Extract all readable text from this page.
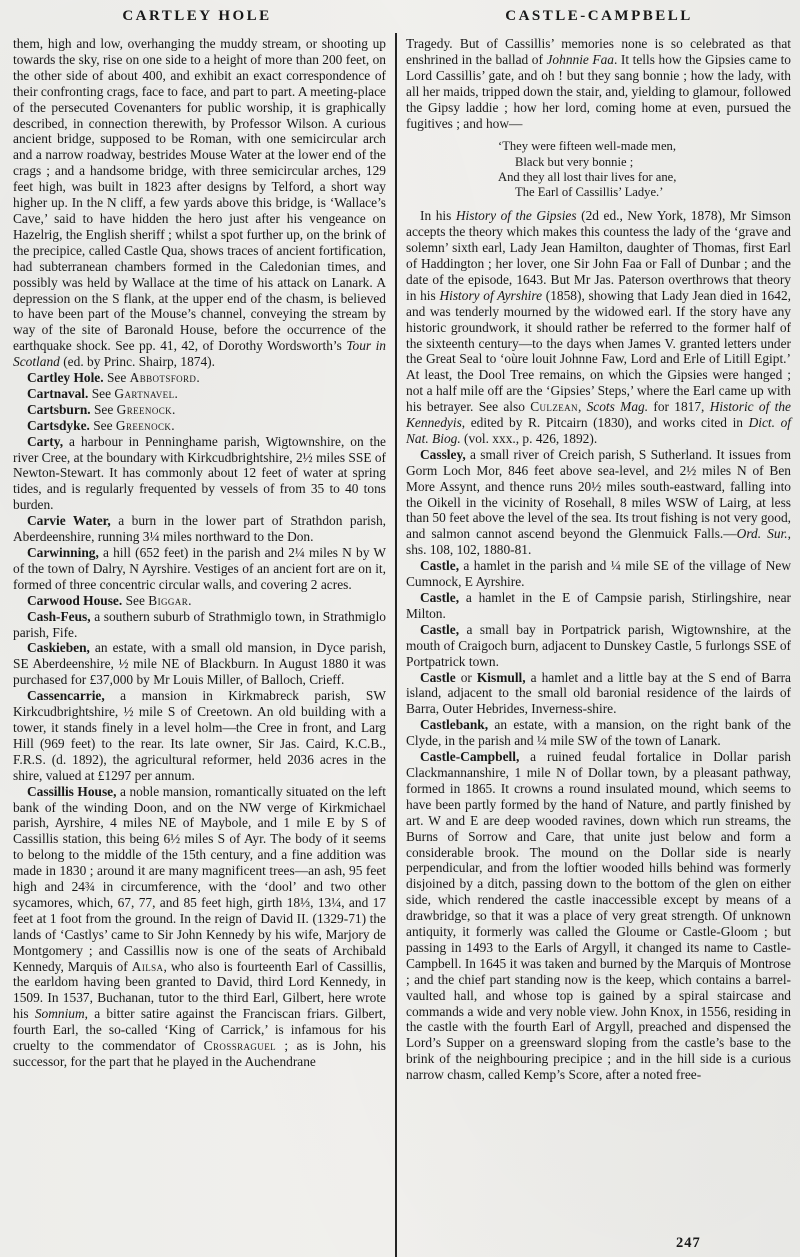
CARTLEY HOLE	CASTLE-CAMPBELL

them, high and low, overhanging the muddy stream, or shooting up towards the sky, rise on one side to a height of more than 200 feet, on the other side of about 400, and exhibit an exact correspondence of their confronting crags, face to face, and part to part. A meeting-place of the persecuted Covenanters for public worship, it is graphically described, in connection therewith, by Professor Wilson. A curious ancient bridge, supposed to be Roman, with one semicircular arch and a narrow roadway, bestrides Mouse Water at the lower end of the crags ; and a handsome bridge, with three semicircular arches, 129 feet high, was built in 1823 after designs by Telford, a short way higher up. In the N cliff, a few yards above this bridge, is ‘Wallace’s Cave,’ said to have hidden the hero just after his vengeance on Hazelrig, the English sheriff ; whilst a spot further up, on the brink of the precipice, called Castle Qua, shows traces of ancient fortification, had subterranean chambers formed in the Caledonian times, and possibly was held by Wallace at the time of his attack on Lanark. A depression on the S flank, at the upper end of the chasm, is believed to have been part of the Mouse’s channel, conveying the stream by way of the site of Baronald House, before the occurrence of the earthquake shock. See pp. 41, 42, of Dorothy Wordsworth’s Tour in Scotland (ed. by Princ. Shairp, 1874).

Cartley Hole. See Abbotsford.

Cartnaval. See Gartnavel.

Cartsburn. See Greenock.

Cartsdyke. See Greenock.

Carty, a harbour in Penninghame parish, Wigtownshire, on the river Cree, at the boundary with Kirkcudbrightshire, 2½ miles SSE of Newton-Stewart. It has commonly about 12 feet of water at spring tides, and is regularly frequented by vessels of from 35 to 40 tons burden.

Carvie Water, a burn in the lower part of Strathdon parish, Aberdeenshire, running 3¼ miles northward to the Don.

Carwinning, a hill (652 feet) in the parish and 2¼ miles N by W of the town of Dalry, N Ayrshire. Vestiges of an ancient fort are on it, formed of three concentric circular walls, and covering 2 acres.

Carwood House. See Biggar.

Cash-Feus, a southern suburb of Strathmiglo town, in Strathmiglo parish, Fife.

Caskieben, an estate, with a small old mansion, in Dyce parish, SE Aberdeenshire, ½ mile NE of Blackburn. In August 1880 it was purchased for £37,000 by Mr Louis Miller, of Balloch, Crieff.

Cassencarrie, a mansion in Kirkmabreck parish, SW Kirkcudbrightshire, ½ mile S of Creetown. An old building with a tower, it stands finely in a level holm—the Cree in front, and Larg Hill (969 feet) to the rear. Its late owner, Sir Jas. Caird, K.C.B., F.R.S. (d. 1892), the agricultural reformer, held 2036 acres in the shire, valued at £1297 per annum.

Cassillis House, a noble mansion, romantically situated on the left bank of the winding Doon, and on the NW verge of Kirkmichael parish, Ayrshire, 4 miles NE of Maybole, and 1 mile E by S of Cassillis station, this being 6½ miles S of Ayr. The body of it seems to belong to the middle of the 15th century, and a fine addition was made in 1830 ; around it are many magnificent trees—an ash, 95 feet high and 24¾ in circumference, with the ‘dool’ and two other sycamores, which, 67, 77, and 85 feet high, girth 18⅓, 13¼, and 17 feet at 1 foot from the ground. In the reign of David II. (1329-71) the lands of ‘Castlys’ came to Sir John Kennedy by his wife, Marjory de Montgomery ; and Cassillis now is one of the seats of Archibald Kennedy, Marquis of Ailsa, who also is fourteenth Earl of Cassillis, the earldom having been granted to David, third Lord Kennedy, in 1509. In 1537, Buchanan, tutor to the third Earl, Gilbert, here wrote his Somnium, a bitter satire against the Franciscan friars. Gilbert, fourth Earl, the so-called ‘King of Carrick,’ is infamous for his cruelty to the commendator of Crossraguel ; as is John, his successor, for the part that he played in the Auchendrane

Tragedy. But of Cassillis’ memories none is so celebrated as that enshrined in the ballad of Johnnie Faa. It tells how the Gipsies came to Lord Cassillis’ gate, and oh ! but they sang bonnie ; how the lady, with all her maids, tripped down the stair, and, yielding to glamour, followed the Gipsy laddie ; how her lord, coming home at even, pursued the fugitives ; and how—

‘They were fifteen well-made men,
Black but very bonnie ;
And they all lost thair lives for ane,
The Earl of Cassillis’ Ladye.’

In his History of the Gipsies (2d ed., New York, 1878), Mr Simson accepts the theory which makes this countess the lady of the ‘grave and solemn’ sixth earl, Lady Jean Hamilton, daughter of Thomas, first Earl of Haddington ; her lover, one Sir John Faa or Fall of Dunbar ; and the date of the episode, 1643. But Mr Jas. Paterson overthrows that theory in his History of Ayrshire (1858), showing that Lady Jean died in 1642, and was tenderly mourned by the widowed earl. If the story have any historic groundwork, it should rather be referred to the former half of the sixteenth century—to the days when James V. granted letters under the Great Seal to ‘oùre louit Johnne Faw, Lord and Erle of Litill Egipt.’ At least, the Dool Tree remains, on which the Gipsies were hanged ; not a half mile off are the ‘Gipsies’ Steps,’ where the Earl came up with his betrayer. See also Culzean, Scots Mag. for 1817, Historic of the Kennedyis, edited by R. Pitcairn (1830), and works cited in Dict. of Nat. Biog. (vol. xxx., p. 426, 1892).

Cassley, a small river of Creich parish, S Sutherland. It issues from Gorm Loch Mor, 846 feet above sea-level, and 2½ miles N of Ben More Assynt, and thence runs 20½ miles south-eastward, falling into the Oikell in the vicinity of Rosehall, 8 miles WSW of Lairg, at less than 50 feet above the level of the sea. Its trout fishing is not very good, and salmon cannot ascend beyond the Glenmuick Falls.—Ord. Sur., shs. 108, 102, 1880-81.

Castle, a hamlet in the parish and ¼ mile SE of the village of New Cumnock, E Ayrshire.

Castle, a hamlet in the E of Campsie parish, Stirlingshire, near Milton.

Castle, a small bay in Portpatrick parish, Wigtownshire, at the mouth of Craigoch burn, adjacent to Dunskey Castle, 5 furlongs SSE of Portpatrick town.

Castle or Kismull, a hamlet and a little bay at the S end of Barra island, adjacent to the small old baronial residence of the lairds of Barra, Outer Hebrides, Inverness-shire.

Castlebank, an estate, with a mansion, on the right bank of the Clyde, in the parish and ¼ mile SW of the town of Lanark.

Castle-Campbell, a ruined feudal fortalice in Dollar parish Clackmannanshire, 1 mile N of Dollar town, by a pleasant pathway, formed in 1865. It crowns a round insulated mound, which seems to have been partly formed by the hand of Nature, and partly finished by art. W and E are deep wooded ravines, down which run streams, the Burns of Sorrow and Care, that unite just below and form a considerable brook. The mound on the Dollar side is nearly perpendicular, and from the loftier wooded hills behind was formerly disjoined by a ditch, passing down to the bottom of the glen on either side, which rendered the castle inaccessible except by means of a drawbridge, so that it was a place of very great strength. Of unknown antiquity, it formerly was called the Gloume or Castle-Gloom ; but passing in 1493 to the Earls of Argyll, it changed its name to Castle-Campbell. In 1645 it was taken and burned by the Marquis of Montrose ; and the chief part standing now is the keep, which contains a barrel-vaulted hall, and whose top is gained by a spiral staircase and commands a wide and very noble view. John Knox, in 1556, residing in the castle with the fourth Earl of Argyll, preached and dispensed the Lord’s Supper on a greensward sloping from the castle’s base to the brink of the neighbouring precipice ; and in the hill side is a curious narrow chasm, called Kemp’s Score, after a noted free-

247
